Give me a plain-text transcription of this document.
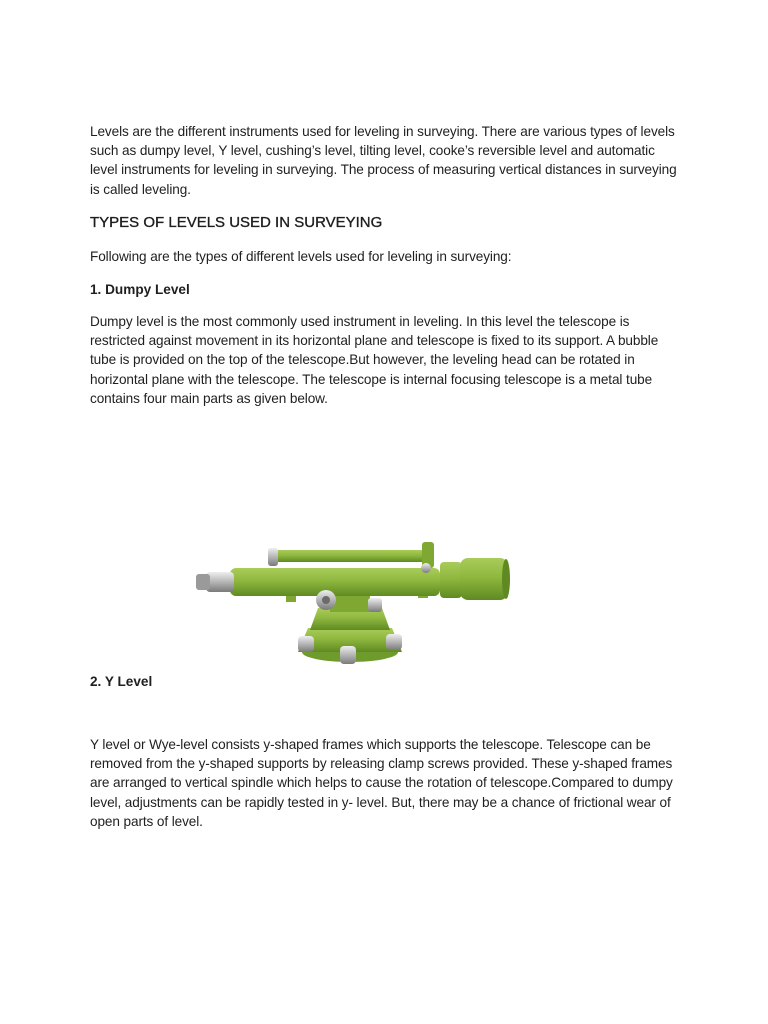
Levels are the different instruments used for leveling in surveying. There are various types of levels such as dumpy level, Y level, cushing’s level, tilting level, cooke’s reversible level and automatic level instruments for leveling in surveying. The process of measuring vertical distances in surveying is called leveling.

TYPES OF LEVELS USED IN SURVEYING

Following are the types of different levels used for leveling in surveying:

1. Dumpy Level

Dumpy level is the most commonly used instrument in leveling. In this level the telescope is restricted against movement in its horizontal plane and telescope is fixed to its support. A bubble tube is provided on the top of the telescope.But however, the leveling head can be rotated in horizontal plane with the telescope. The telescope is internal focusing telescope is a metal tube contains four main parts as given below.

2. Y Level

Y level or Wye-level consists y-shaped frames which supports the telescope. Telescope can be removed from the y-shaped supports by releasing clamp screws provided. These y-shaped frames are arranged to vertical spindle which helps to cause the rotation of telescope.Compared to dumpy level, adjustments can be rapidly tested in y- level. But, there may be a chance of frictional wear of open parts of level.
